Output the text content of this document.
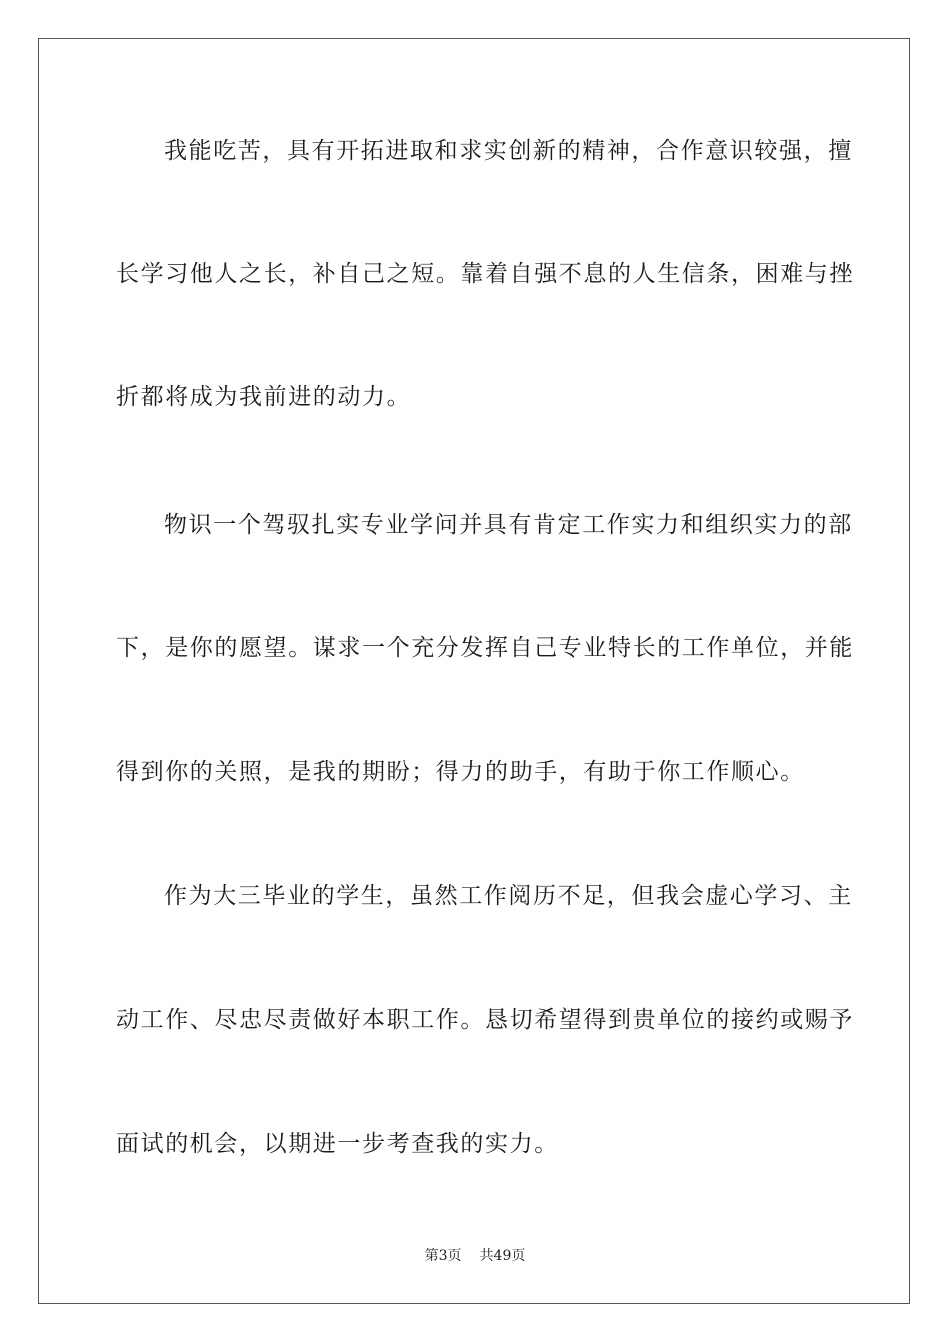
我能吃苦，具有开拓进取和求实创新的精神，合作意识较强，擅
长学习他人之长，补自己之短。靠着自强不息的人生信条，困难与挫
折都将成为我前进的动力。
物识一个驾驭扎实专业学问并具有肯定工作实力和组织实力的部
下，是你的愿望。谋求一个充分发挥自己专业特长的工作单位，并能
得到你的关照，是我的期盼；得力的助手，有助于你工作顺心。
作为大三毕业的学生，虽然工作阅历不足，但我会虚心学习、主
动工作、尽忠尽责做好本职工作。恳切希望得到贵单位的接约或赐予
面试的机会，以期进一步考查我的实力。
第3页 共49页
